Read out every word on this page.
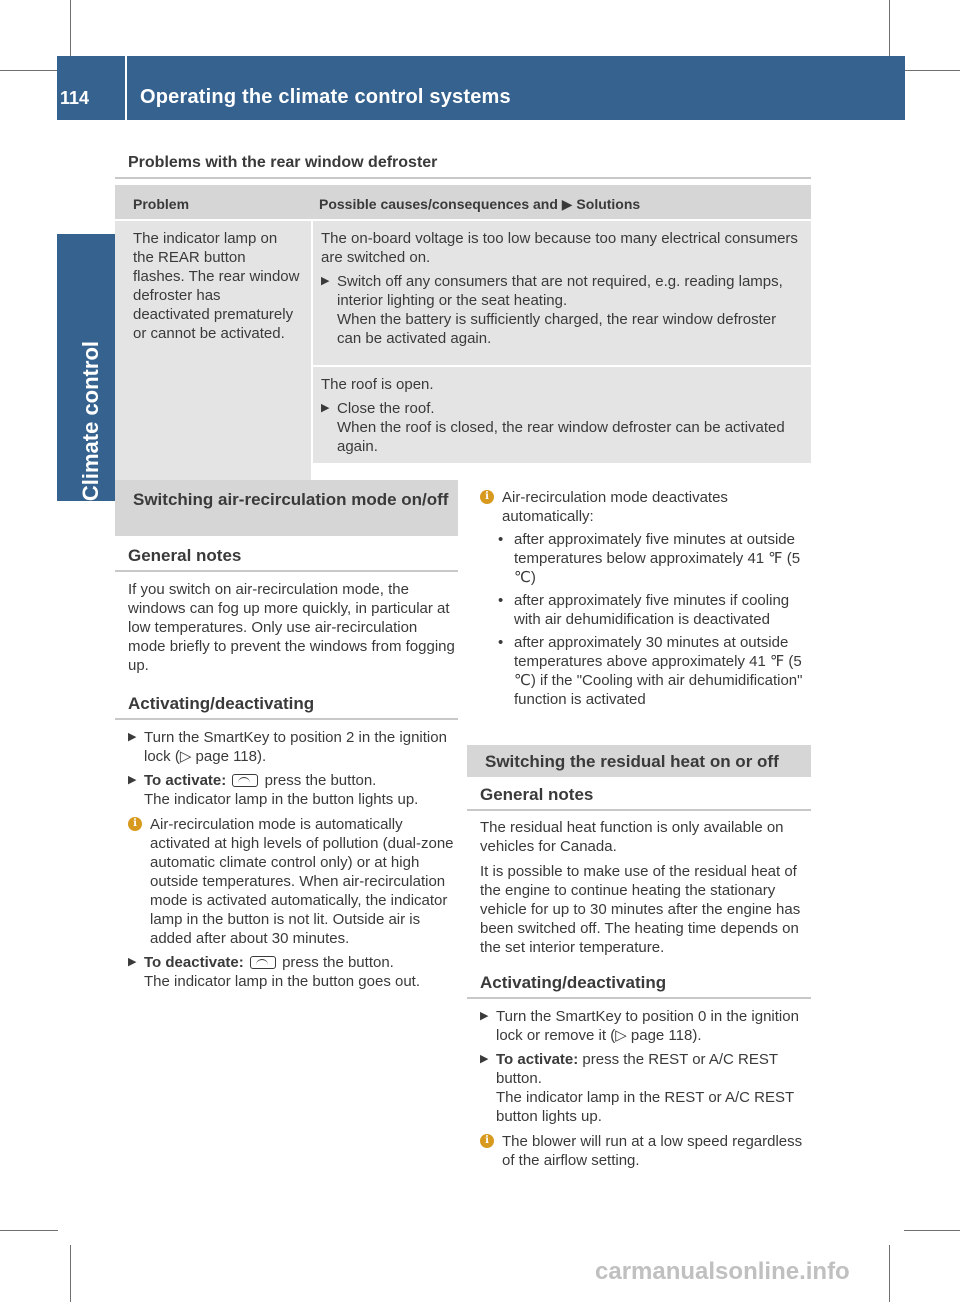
114	Operating the climate control systems
Climate control
Problems with the rear window defroster
Problem	Possible causes/consequences and ▶ Solutions
The indicator lamp on the REAR button flashes. The rear window defroster has deactivated prematurely or cannot be activated.
The on-board voltage is too low because too many electrical consumers are switched on.
▶ Switch off any consumers that are not required, e.g. reading lamps, interior lighting or the seat heating.
When the battery is sufficiently charged, the rear window defroster can be activated again.
The roof is open.
▶ Close the roof.
When the roof is closed, the rear window defroster can be activated again.
Switching air-recirculation mode on/off
General notes
If you switch on air-recirculation mode, the windows can fog up more quickly, in particular at low temperatures. Only use air-recirculation mode briefly to prevent the windows from fogging up.
Activating/deactivating
▶ Turn the SmartKey to position 2 in the ignition lock (▷ page 118).
▶ To activate:	press the button.
The indicator lamp in the button lights up.
i Air-recirculation mode is automatically activated at high levels of pollution (dual-zone automatic climate control only) or at high outside temperatures. When air-recirculation mode is activated automatically, the indicator lamp in the button is not lit. Outside air is added after about 30 minutes.
▶ To deactivate:	press the button.
The indicator lamp in the button goes out.
i Air-recirculation mode deactivates automatically:
• after approximately five minutes at outside temperatures below approximately 41 ℉ (5 ℃)
• after approximately five minutes if cooling with air dehumidification is deactivated
• after approximately 30 minutes at outside temperatures above approximately 41 ℉ (5 ℃) if the "Cooling with air dehumidification" function is activated
Switching the residual heat on or off
General notes
The residual heat function is only available on vehicles for Canada.
It is possible to make use of the residual heat of the engine to continue heating the stationary vehicle for up to 30 minutes after the engine has been switched off. The heating time depends on the set interior temperature.
Activating/deactivating
▶ Turn the SmartKey to position 0 in the ignition lock or remove it (▷ page 118).
▶ To activate: press the REST or A/C REST button.
The indicator lamp in the REST or A/C REST button lights up.
i The blower will run at a low speed regardless of the airflow setting.
carmanualsonline.info
